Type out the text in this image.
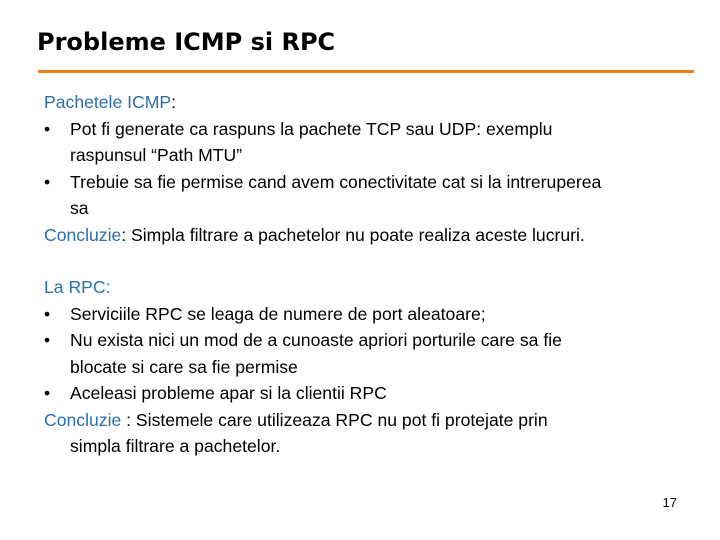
Probleme ICMP si RPC

Pachetele ICMP:

•	Pot fi generate ca raspuns la pachete TCP sau UDP: exemplu
raspunsul “Path MTU”
•	Trebuie sa fie permise cand avem conectivitate cat si la intreruperea
sa

Concluzie: Simpla filtrare a pachetelor nu poate realiza aceste lucruri.

La RPC:

•	Serviciile RPC se leaga de numere de port aleatoare;
•	Nu exista nici un mod de a cunoaste apriori porturile care sa fie
blocate si care sa fie permise
•	Aceleasi probleme apar si la clientii RPC

Concluzie : Sistemele care utilizeaza RPC nu pot fi protejate prin

simpla filtrare a pachetelor.
17
